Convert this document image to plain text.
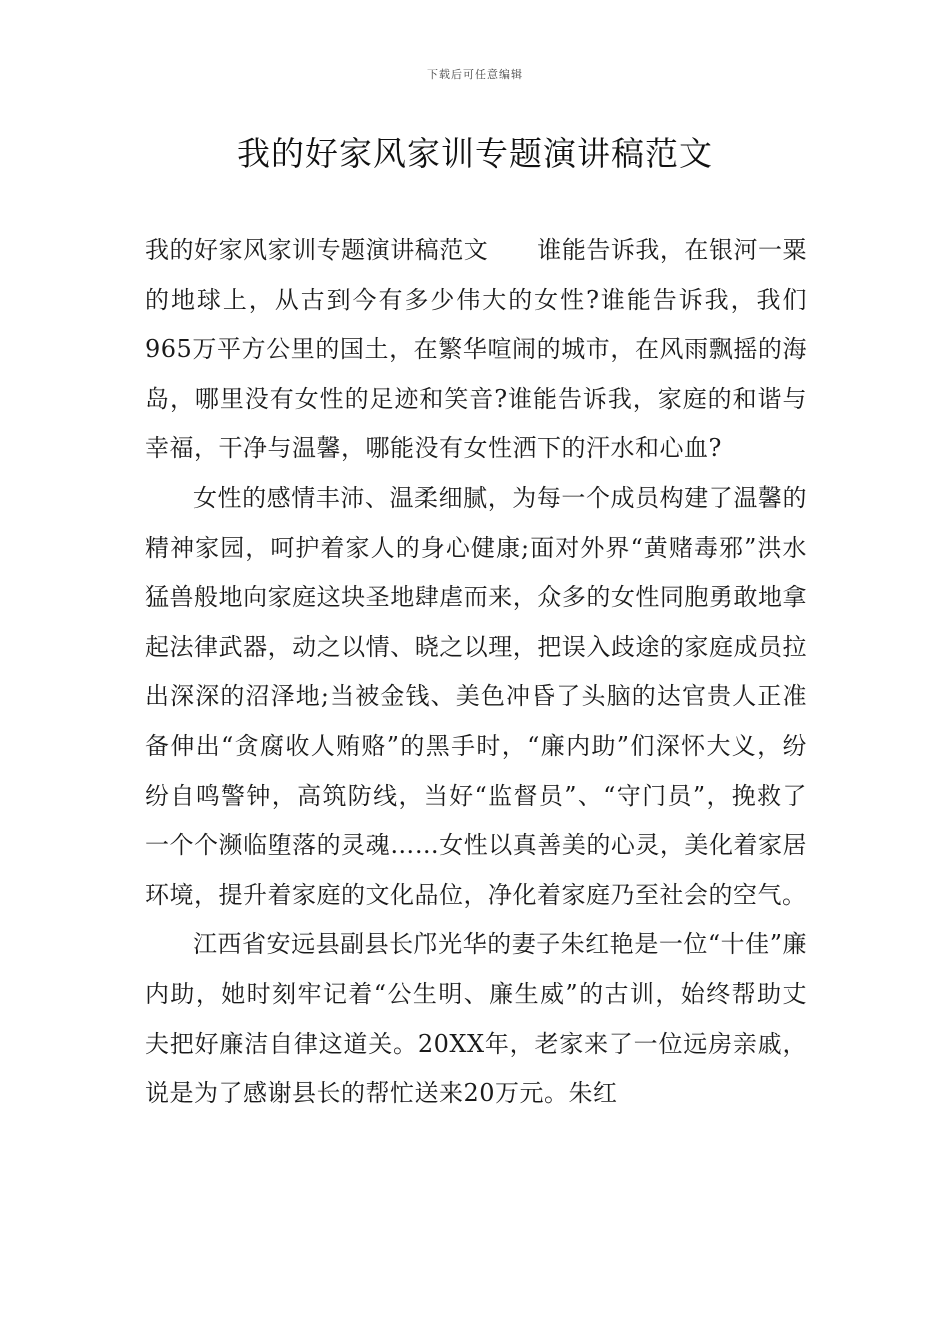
下载后可任意编辑
我的好家风家训专题演讲稿范文

我的好家风家训专题演讲稿范文　　谁能告诉我，在银河一粟的地球上，从古到今有多少伟大的女性?谁能告诉我，我们965万平方公里的国土，在繁华喧闹的城市，在风雨飘摇的海岛，哪里没有女性的足迹和笑音?谁能告诉我，家庭的和谐与幸福，干净与温馨，哪能没有女性洒下的汗水和心血?

女性的感情丰沛、温柔细腻，为每一个成员构建了温馨的精神家园，呵护着家人的身心健康;面对外界“黄赌毒邪”洪水猛兽般地向家庭这块圣地肆虐而来，众多的女性同胞勇敢地拿起法律武器，动之以情、晓之以理，把误入歧途的家庭成员拉出深深的沼泽地;当被金钱、美色冲昏了头脑的达官贵人正准备伸出“贪腐收人贿赂”的黑手时，“廉内助”们深怀大义，纷纷自鸣警钟，高筑防线，当好“监督员”、“守门员”，挽救了一个个濒临堕落的灵魂……女性以真善美的心灵，美化着家居环境，提升着家庭的文化品位，净化着家庭乃至社会的空气。

江西省安远县副县长邝光华的妻子朱红艳是一位“十佳”廉内助，她时刻牢记着“公生明、廉生威”的古训，始终帮助丈夫把好廉洁自律这道关。20XX年，老家来了一位远房亲戚，说是为了感谢县长的帮忙送来20万元。朱红
